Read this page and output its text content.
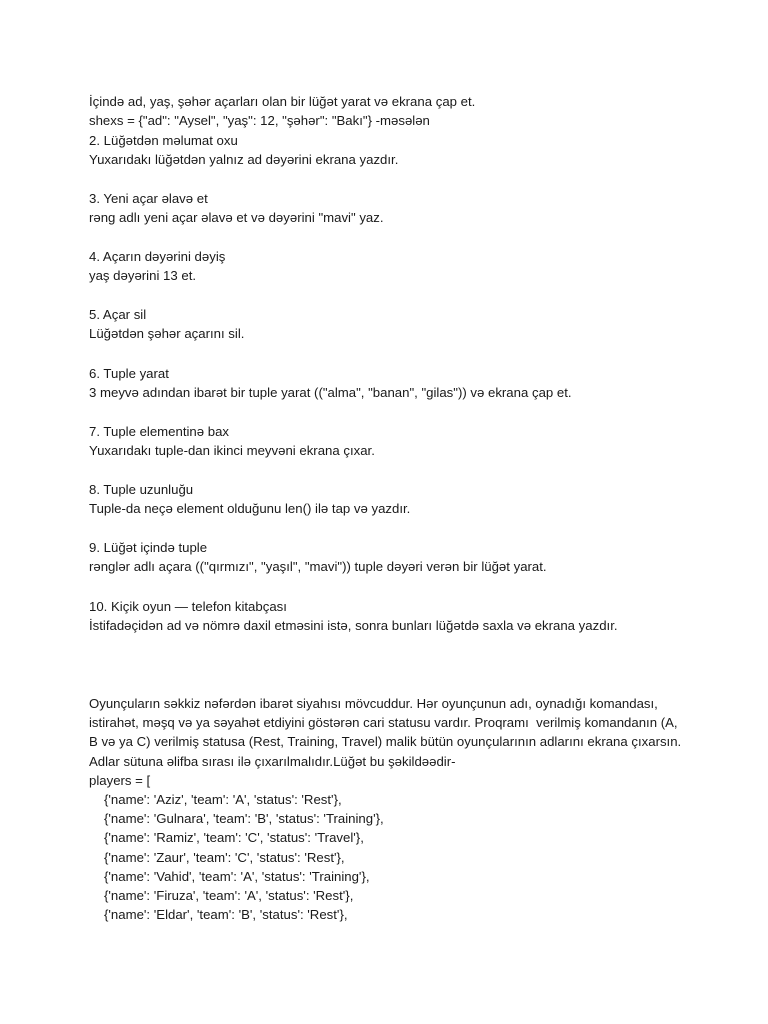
İçində ad, yaş, şəhər açarları olan bir lüğət yarat və ekrana çap et.
shexs = {"ad": "Aysel", "yaş": 12, "şəhər": "Bakı"} -məsələn
2. Lüğətdən məlumat oxu
Yuxarıdakı lüğətdən yalnız ad dəyərini ekrana yazdır.
3. Yeni açar əlavə et
rəng adlı yeni açar əlavə et və dəyərini "mavi" yaz.
4. Açarın dəyərini dəyiş
yaş dəyərini 13 et.
5. Açar sil
Lüğətdən şəhər açarını sil.
6. Tuple yarat
3 meyvə adından ibarət bir tuple yarat (("alma", "banan", "gilas")) və ekrana çap et.
7. Tuple elementinə bax
Yuxarıdakı tuple-dan ikinci meyvəni ekrana çıxar.
8. Tuple uzunluğu
Tuple-da neçə element olduğunu len() ilə tap və yazdır.
9. Lüğət içində tuple
rənglər adlı açara (("qırmızı", "yaşıl", "mavi")) tuple dəyəri verən bir lüğət yarat.
10. Kiçik oyun — telefon kitabçası
İstifadəçidən ad və nömrə daxil etməsini istə, sonra bunları lüğətdə saxla və ekrana yazdır.
Oyunçuların səkkiz nəfərdən ibarət siyahısı mövcuddur. Hər oyunçunun adı, oynadığı komandası,
istirahət, məşq və ya səyahət etdiyini göstərən cari statusu vardır. Proqramı  verilmiş komandanın (A,
B və ya C) verilmiş statusa (Rest, Training, Travel) malik bütün oyunçularının adlarını ekrana çıxarsın.
Adlar sütuna əlifba sırası ilə çıxarılmalıdır.Lüğət bu şəkildəədir-
players = [
{'name': 'Aziz', 'team': 'A', 'status': 'Rest'},
{'name': 'Gulnara', 'team': 'B', 'status': 'Training'},
{'name': 'Ramiz', 'team': 'C', 'status': 'Travel'},
{'name': 'Zaur', 'team': 'C', 'status': 'Rest'},
{'name': 'Vahid', 'team': 'A', 'status': 'Training'},
{'name': 'Firuza', 'team': 'A', 'status': 'Rest'},
{'name': 'Eldar', 'team': 'B', 'status': 'Rest'},
